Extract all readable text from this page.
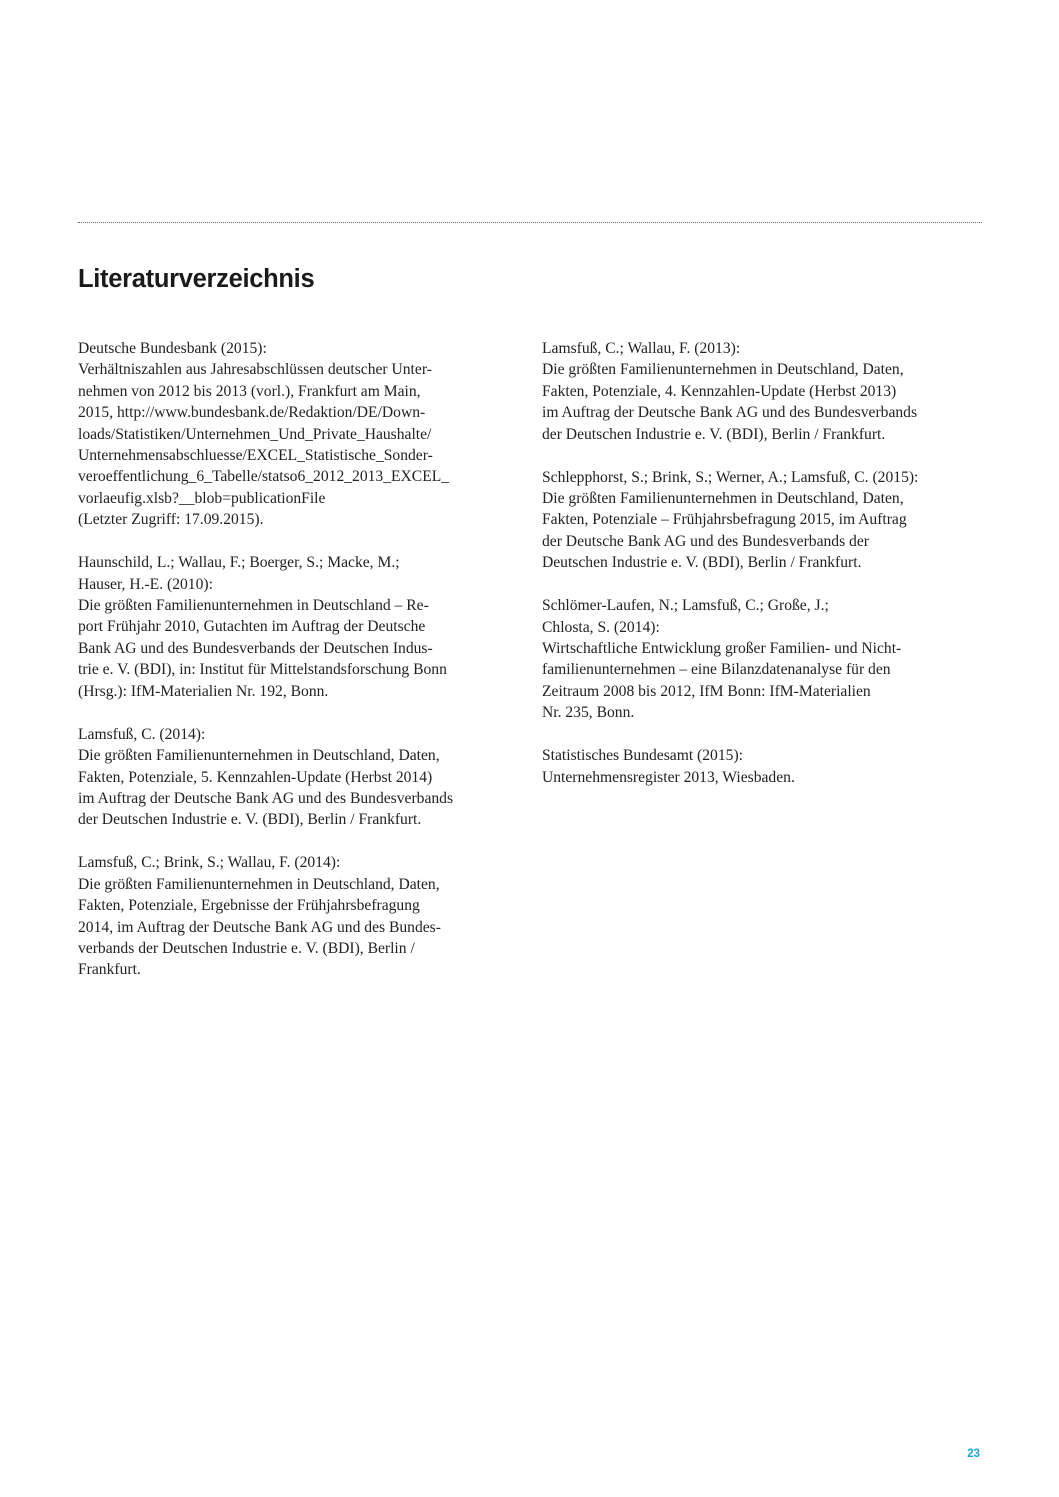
Literaturverzeichnis
Deutsche Bundesbank (2015):
Verhältniszahlen aus Jahresabschlüssen deutscher Unter-
nehmen von 2012 bis 2013 (vorl.), Frankfurt am Main,
2015, http://www.bundesbank.de/Redaktion/DE/Down-
loads/Statistiken/Unternehmen_Und_Private_Haushalte/
Unternehmensabschluesse/EXCEL_Statistische_Sonder-
veroeffentlichung_6_Tabelle/statso6_2012_2013_EXCEL_
vorlaeufig.xlsb?__blob=publicationFile
(Letzter Zugriff: 17.09.2015).
Haunschild, L.; Wallau, F.; Boerger, S.; Macke, M.;
Hauser, H.-E. (2010):
Die größten Familienunternehmen in Deutschland – Re-
port Frühjahr 2010, Gutachten im Auftrag der Deutsche
Bank AG und des Bundesverbands der Deutschen Indus-
trie e. V. (BDI), in: Institut für Mittelstandsforschung Bonn
(Hrsg.): IfM-Materialien Nr. 192, Bonn.
Lamsfuß, C. (2014):
Die größten Familienunternehmen in Deutschland, Daten,
Fakten, Potenziale, 5. Kennzahlen-Update (Herbst 2014)
im Auftrag der Deutsche Bank AG und des Bundesverbands
der Deutschen Industrie e. V. (BDI), Berlin / Frankfurt.
Lamsfuß, C.; Brink, S.; Wallau, F. (2014):
Die größten Familienunternehmen in Deutschland, Daten,
Fakten, Potenziale, Ergebnisse der Frühjahrsbefragung
2014, im Auftrag der Deutsche Bank AG und des Bundes-
verbands der Deutschen Industrie e. V. (BDI), Berlin /
Frankfurt.
Lamsfuß, C.; Wallau, F. (2013):
Die größten Familienunternehmen in Deutschland, Daten,
Fakten, Potenziale, 4. Kennzahlen-Update (Herbst 2013)
im Auftrag der Deutsche Bank AG und des Bundesverbands
der Deutschen Industrie e. V. (BDI), Berlin / Frankfurt.
Schlepphorst, S.; Brink, S.; Werner, A.; Lamsfuß, C. (2015):
Die größten Familienunternehmen in Deutschland, Daten,
Fakten, Potenziale – Frühjahrsbefragung 2015, im Auftrag
der Deutsche Bank AG und des Bundesverbands der
Deutschen Industrie e. V. (BDI), Berlin / Frankfurt.
Schlömer-Laufen, N.; Lamsfuß, C.; Große, J.;
Chlosta, S. (2014):
Wirtschaftliche Entwicklung großer Familien- und Nicht-
familienunternehmen – eine Bilanzdatenanalyse für den
Zeitraum 2008 bis 2012, IfM Bonn: IfM-Materialien
Nr. 235, Bonn.
Statistisches Bundesamt (2015):
Unternehmensregister 2013, Wiesbaden.
23
